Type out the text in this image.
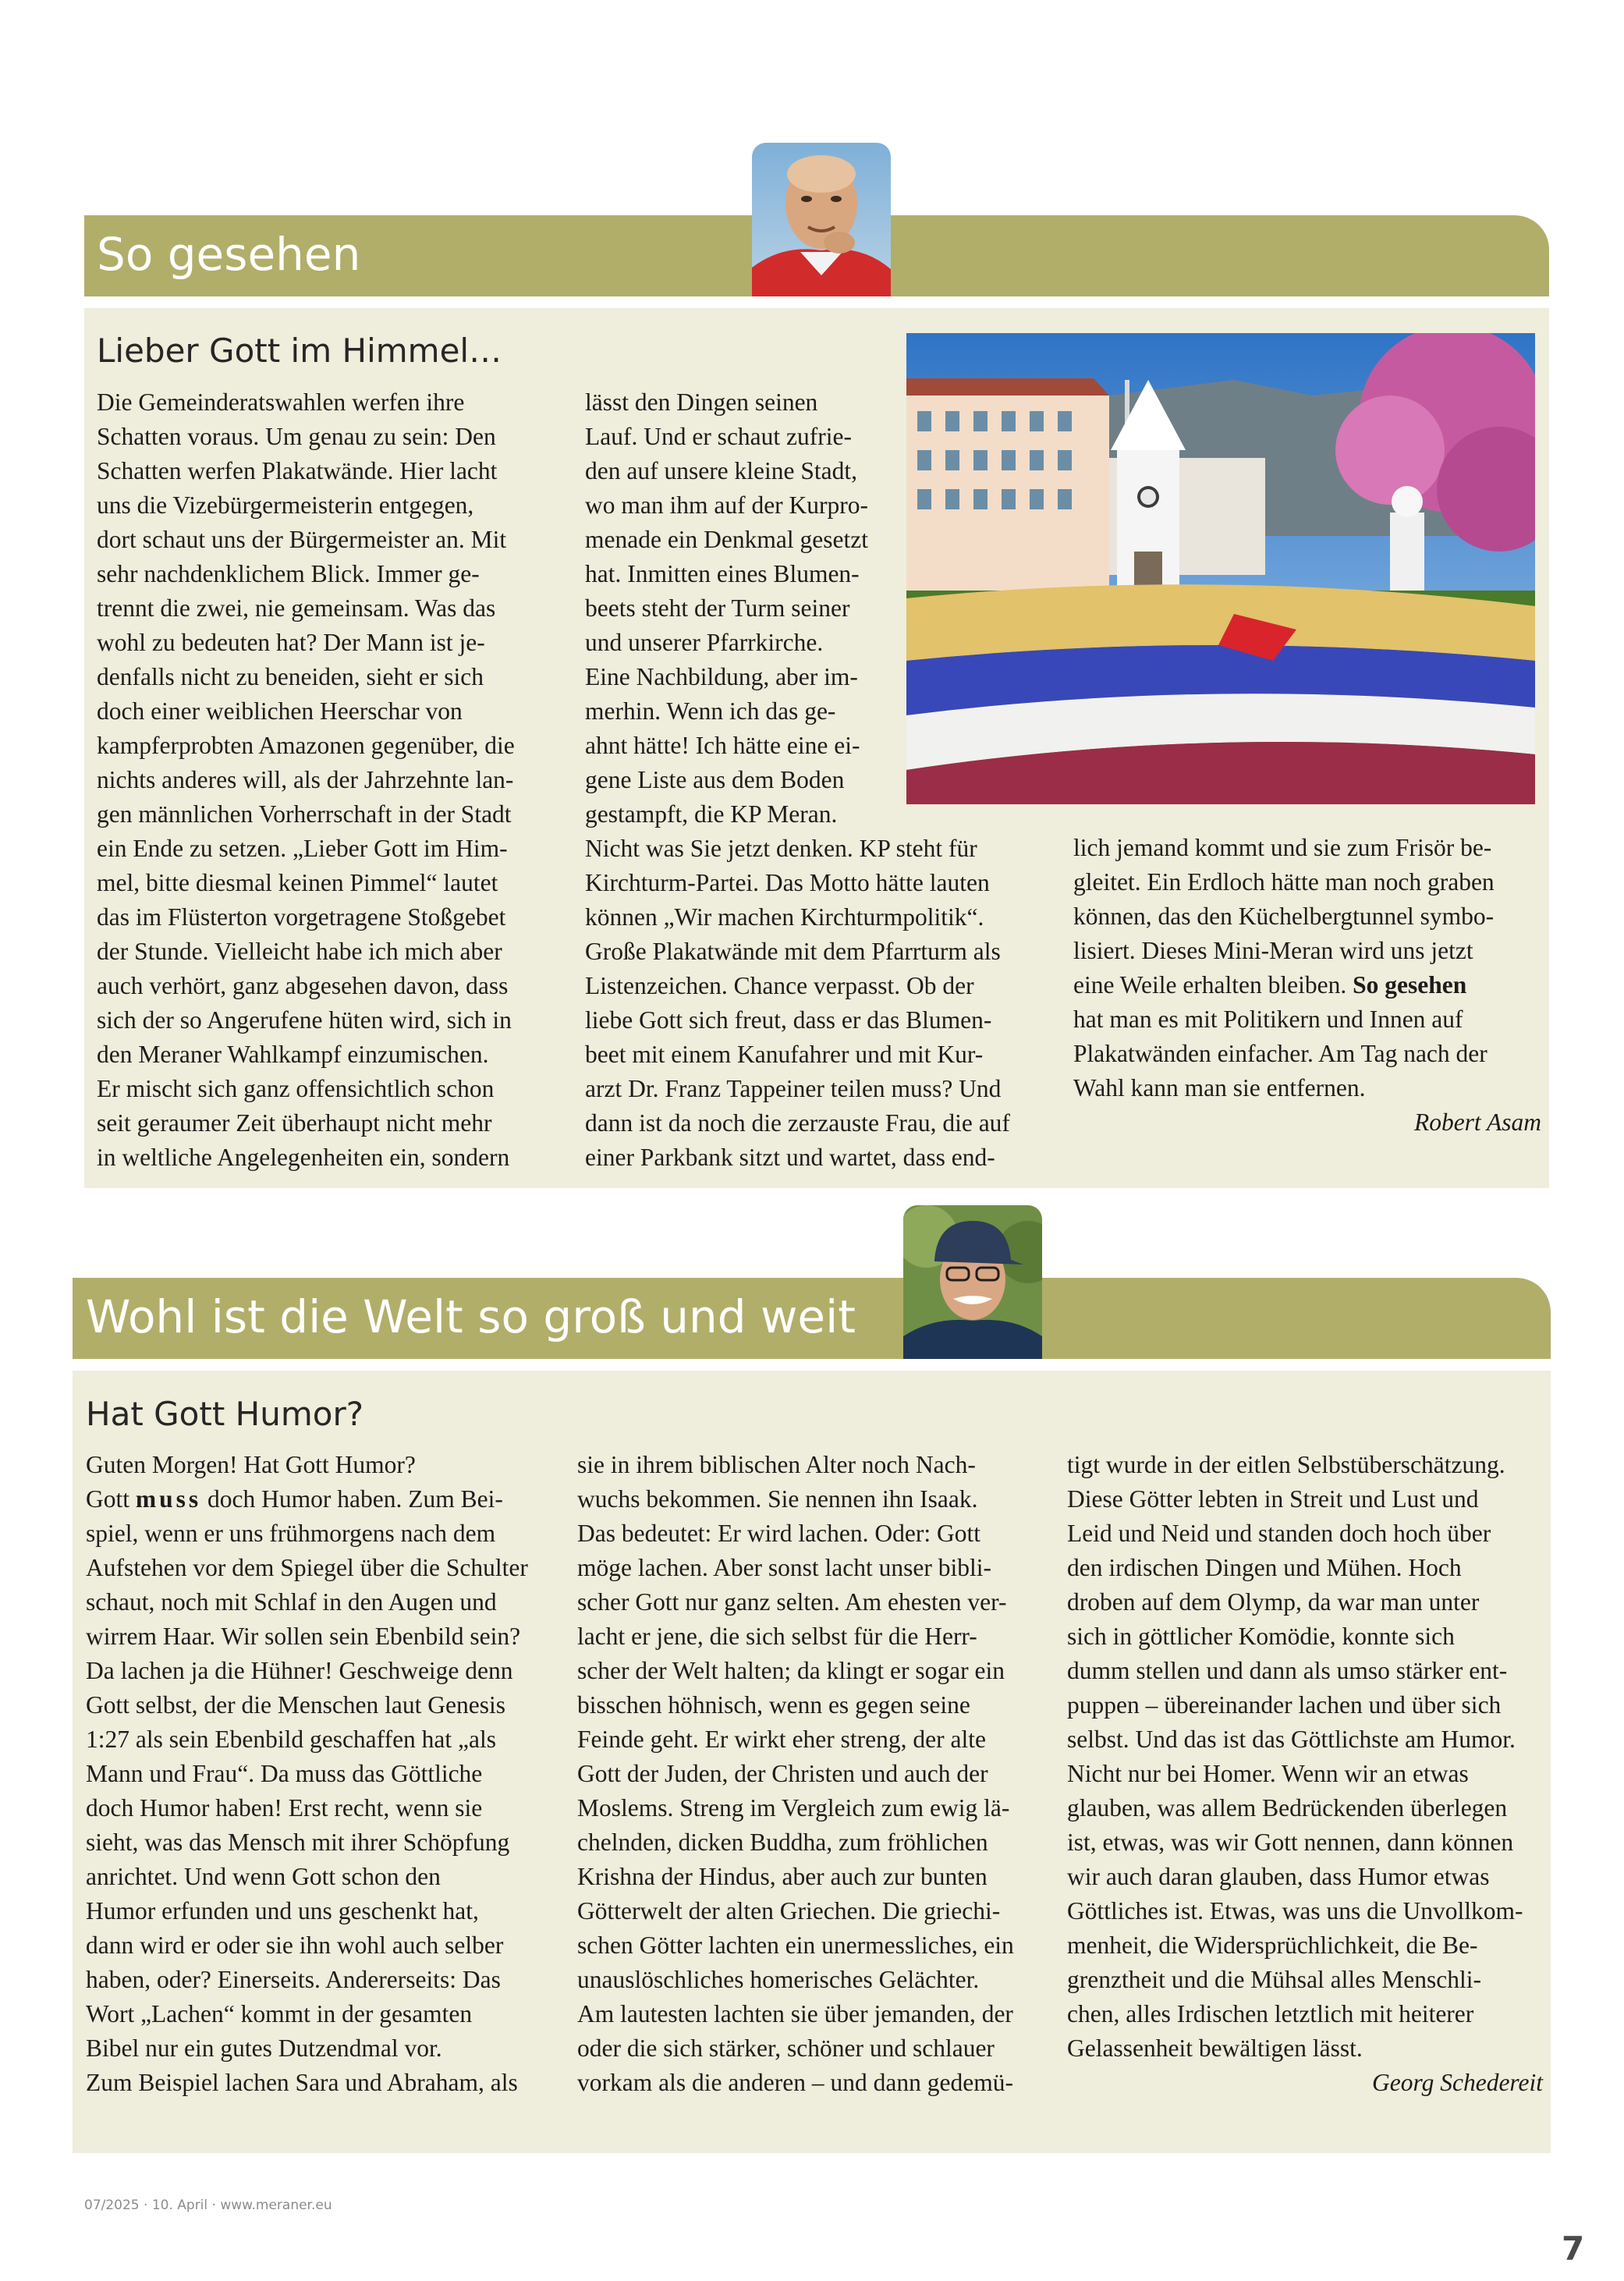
So gesehen
Lieber Gott im Himmel…

Die Gemeinderatswahlen werfen ihre

Schatten voraus. Um genau zu sein: Den

Schatten werfen Plakatwände. Hier lacht

uns die Vizebürgermeisterin entgegen,

dort schaut uns der Bürgermeister an. Mit

sehr nachdenklichem Blick. Immer ge-

trennt die zwei, nie gemeinsam. Was das

wohl zu bedeuten hat? Der Mann ist je-

denfalls nicht zu beneiden, sieht er sich

doch einer weiblichen Heerschar von

kampferprobten Amazonen gegenüber, die

nichts anderes will, als der Jahrzehnte lan-

gen männlichen Vorherrschaft in der Stadt

ein Ende zu setzen. „Lieber Gott im Him-

mel, bitte diesmal keinen Pimmel“ lautet

das im Flüsterton vorgetragene Stoßgebet

der Stunde. Vielleicht habe ich mich aber

auch verhört, ganz abgesehen davon, dass

sich der so Angerufene hüten wird, sich in

den Meraner Wahlkampf einzumischen.

Er mischt sich ganz offensichtlich schon

seit geraumer Zeit überhaupt nicht mehr

in weltliche Angelegenheiten ein, sondern

lässt den Dingen seinen

Lauf. Und er schaut zufrie-

den auf unsere kleine Stadt,

wo man ihm auf der Kurpro-

menade ein Denkmal gesetzt

hat. Inmitten eines Blumen-

beets steht der Turm seiner

und unserer Pfarrkirche.

Eine Nachbildung, aber im-

merhin. Wenn ich das ge-

ahnt hätte! Ich hätte eine ei-

gene Liste aus dem Boden

gestampft, die KP Meran.

Nicht was Sie jetzt denken. KP steht für

Kirchturm-Partei. Das Motto hätte lauten

können „Wir machen Kirchturmpolitik“.

Große Plakatwände mit dem Pfarrturm als

Listenzeichen. Chance verpasst. Ob der

liebe Gott sich freut, dass er das Blumen-

beet mit einem Kanufahrer und mit Kur-

arzt Dr. Franz Tappeiner teilen muss? Und

dann ist da noch die zerzauste Frau, die auf

einer Parkbank sitzt und wartet, dass end-

lich jemand kommt und sie zum Frisör be-

gleitet. Ein Erdloch hätte man noch graben

können, das den Küchelbergtunnel symbo-

lisiert. Dieses Mini-Meran wird uns jetzt

eine Weile erhalten bleiben. So gesehen

hat man es mit Politikern und Innen auf

Plakatwänden einfacher. Am Tag nach der

Wahl kann man sie entfernen.

Robert Asam

Wohl ist die Welt so groß und weit
Hat Gott Humor?

Guten Morgen! Hat Gott Humor?

Gott muss doch Humor haben. Zum Bei-

spiel, wenn er uns frühmorgens nach dem

Aufstehen vor dem Spiegel über die Schulter

schaut, noch mit Schlaf in den Augen und

wirrem Haar. Wir sollen sein Ebenbild sein?

Da lachen ja die Hühner! Geschweige denn

Gott selbst, der die Menschen laut Genesis

1:27 als sein Ebenbild geschaffen hat „als

Mann und Frau“. Da muss das Göttliche

doch Humor haben! Erst recht, wenn sie

sieht, was das Mensch mit ihrer Schöpfung

anrichtet. Und wenn Gott schon den

Humor erfunden und uns geschenkt hat,

dann wird er oder sie ihn wohl auch selber

haben, oder? Einerseits. Andererseits: Das

Wort „Lachen“ kommt in der gesamten

Bibel nur ein gutes Dutzendmal vor.

Zum Beispiel lachen Sara und Abraham, als

sie in ihrem biblischen Alter noch Nach-

wuchs bekommen. Sie nennen ihn Isaak.

Das bedeutet: Er wird lachen. Oder: Gott

möge lachen. Aber sonst lacht unser bibli-

scher Gott nur ganz selten. Am ehesten ver-

lacht er jene, die sich selbst für die Herr-

scher der Welt halten; da klingt er sogar ein

bisschen höhnisch, wenn es gegen seine

Feinde geht. Er wirkt eher streng, der alte

Gott der Juden, der Christen und auch der

Moslems. Streng im Vergleich zum ewig lä-

chelnden, dicken Buddha, zum fröhlichen

Krishna der Hindus, aber auch zur bunten

Götterwelt der alten Griechen. Die griechi-

schen Götter lachten ein unermessliches, ein

unauslöschliches homerisches Gelächter.

Am lautesten lachten sie über jemanden, der

oder die sich stärker, schöner und schlauer

vorkam als die anderen – und dann gedemü-

tigt wurde in der eitlen Selbstüberschätzung.

Diese Götter lebten in Streit und Lust und

Leid und Neid und standen doch hoch über

den irdischen Dingen und Mühen. Hoch

droben auf dem Olymp, da war man unter

sich in göttlicher Komödie, konnte sich

dumm stellen und dann als umso stärker ent-

puppen – übereinander lachen und über sich

selbst. Und das ist das Göttlichste am Humor.

Nicht nur bei Homer. Wenn wir an etwas

glauben, was allem Bedrückenden überlegen

ist, etwas, was wir Gott nennen, dann können

wir auch daran glauben, dass Humor etwas

Göttliches ist. Etwas, was uns die Unvollkom-

menheit, die Widersprüchlichkeit, die Be-

grenztheit und die Mühsal alles Menschli-

chen, alles Irdischen letztlich mit heiterer

Gelassenheit bewältigen lässt.

Georg Schedereit

07/2025 · 10. April · www.meraner.eu
7
